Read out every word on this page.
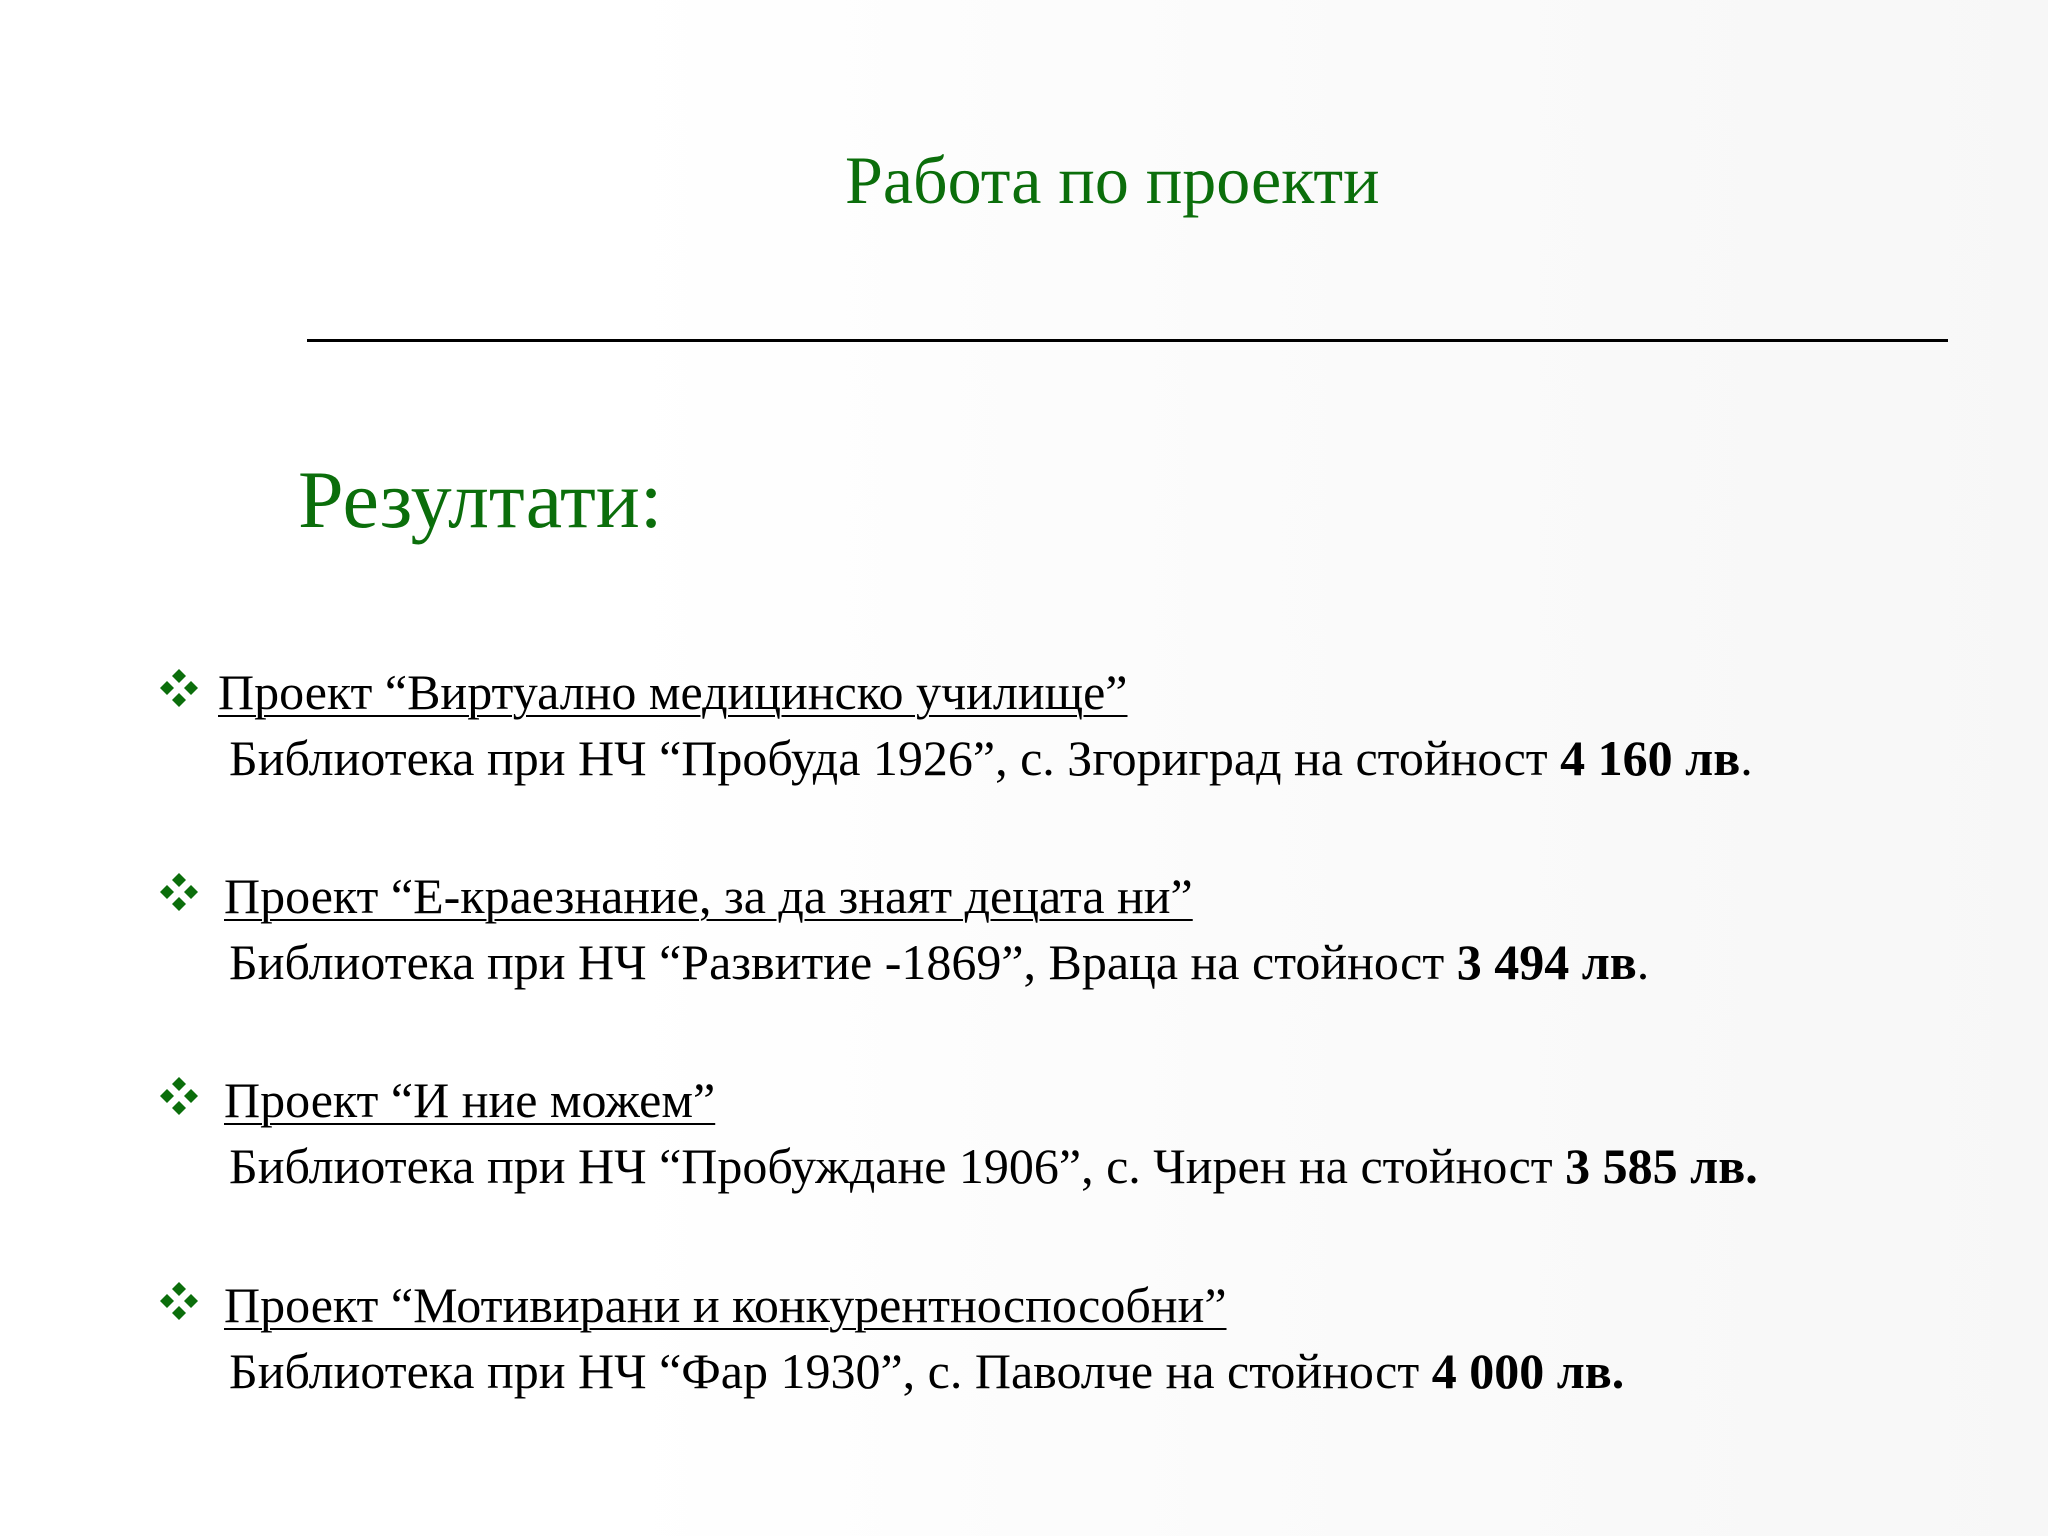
Работа по проекти
Резултати:
Проект “Виртуално медицинско училище”
Библиотека при НЧ “Пробуда 1926”, с. Згориград на стойност 4 160 лв.
Проект “Е-краезнание, за да знаят децата ни”
Библиотека при НЧ “Развитие -1869”, Враца на стойност 3 494 лв.
Проект “И ние можем”
Библиотека при НЧ “Пробуждане 1906”, с. Чирен на стойност 3 585 лв.
Проект “Мотивирани и конкурентноспособни”
Библиотека при НЧ “Фар 1930”, с. Паволче на стойност 4 000 лв.
